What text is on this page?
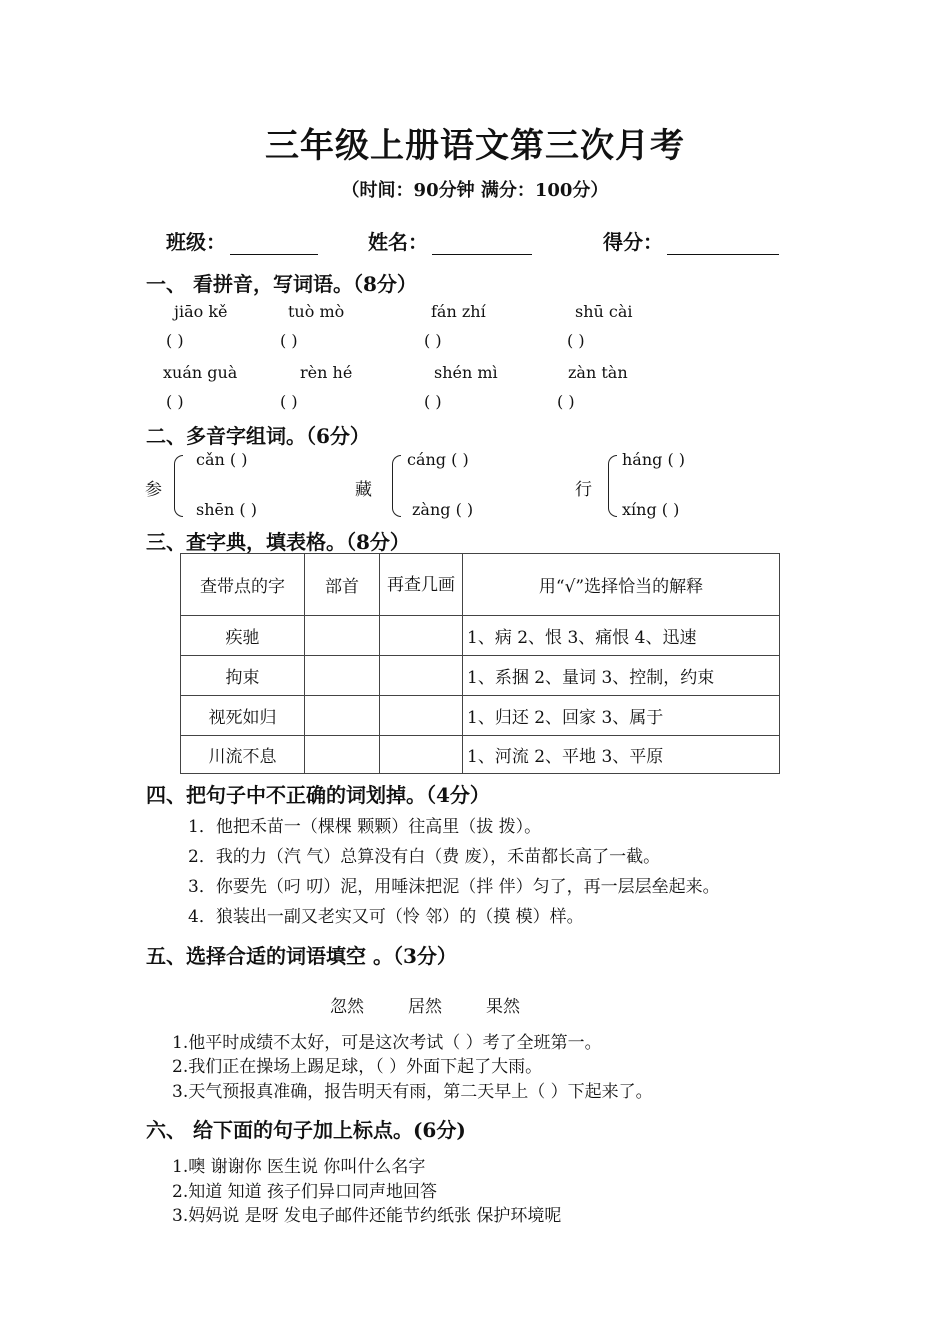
三年级上册语文第三次月考
（时间：90分钟 满分：100分）
班级：	姓名：	得分：
一、 看拼音，写词语。（8分）
jiāo kě	tuò mò	fán zhí	shū cài
( )	( )	( )	( )
xuán guà	rèn hé	shén mì	zàn tàn
( )	( )	( )	( )
二、多音字组词。（6分）
参
cǎn ( )
shēn ( )
藏
cáng ( )
zàng ( )
行
háng ( )
xíng ( )
三、查字典，填表格。（8分）
查带点的字	部首	再查几画	用“√”选择恰当的解释
疾驰			1、病 2、恨 3、痛恨 4、迅速
拘束			1、系捆 2、量词 3、控制，约束
视死如归			1、归还 2、回家 3、属于
川流不息			1、河流 2、平地 3、平原
四、把句子中不正确的词划掉。（4分）
1．他把禾苗一（棵棵 颗颗）往高里（拔 拨）。
2．我的力（汽 气）总算没有白（费 废），禾苗都长高了一截。
3．你要先（叼 叨）泥，用唾沫把泥（拌 伴）匀了，再一层层垒起来。
4．狼装出一副又老实又可（怜 邻）的（摸 模）样。
五、选择合适的词语填空 。（3分）
忽然	居然	果然
1.他平时成绩不太好，可是这次考试（ ）考了全班第一。
2.我们正在操场上踢足球，（ ）外面下起了大雨。
3.天气预报真准确，报告明天有雨，第二天早上（ ）下起来了。
六、 给下面的句子加上标点。(6分)
1.噢 谢谢你 医生说 你叫什么名字
2.知道 知道 孩子们异口同声地回答
3.妈妈说 是呀 发电子邮件还能节约纸张 保护环境呢
